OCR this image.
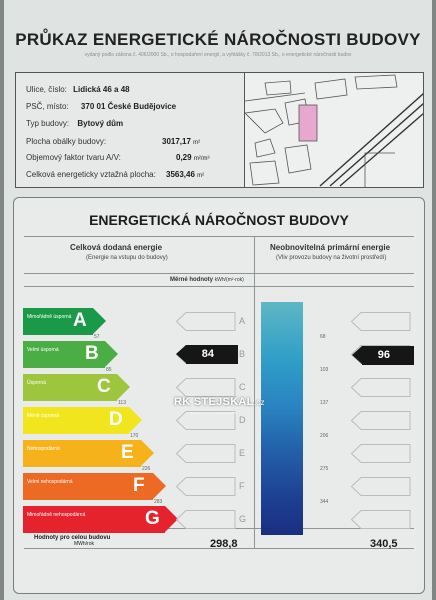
PRŮKAZ ENERGETICKÉ NÁROČNOSTI BUDOVY
vydaný podle zákona č. 406/2000 Sb., o hospodaření energií, a vyhlášky č. 78/2013 Sb., o energetické náročnosti budov
Ulice, číslo: Lidická 46 a 48
PSČ, místo: 370 01 České Budějovice
Typ budovy: Bytový dům
Plocha obálky budovy:	3017,17 m²
Objemový faktor tvaru A/V:	0,29 m²/m³
Celková energeticky vztažná plocha: 3563,46 m²
ENERGETICKÁ NÁROČNOST BUDOVY
Celková dodaná energie
(Energie na vstupu do budovy)
Neobnovitelná primární energie
(Vliv provozu budovy na životní prostředí)
Měrné hodnoty kWh/(m²·rok)
Mimořádně úsporná A
Velmi úsporná	B
Úsporná	C
Méně úsporná	D
Nehospodárná	E
Velmi nehospodárná	F
Mimořádně nehospodárná	G
A
B
C
D
E
F
G
57
85
113
170
226
283
68
103
137
206
275
344
84	96
Hodnoty pro celou budovu
MWh/rok	298,8	340,5
RK STEJSKAL.cz
REALITNÍ KANCELÁŘ
